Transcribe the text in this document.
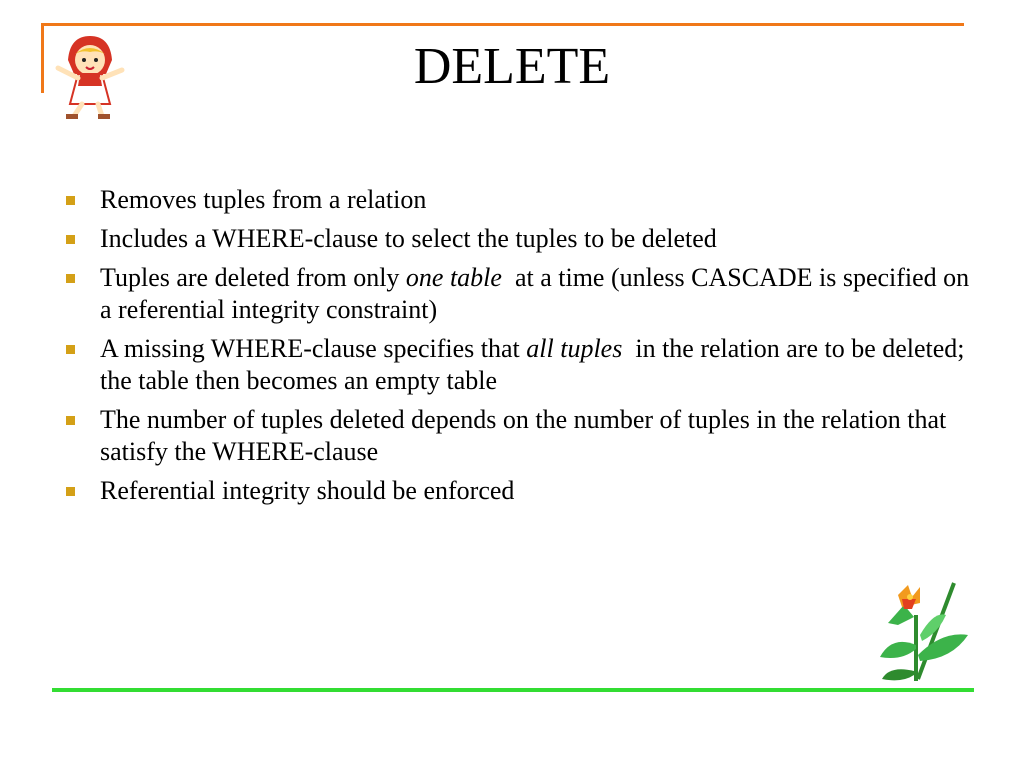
DELETE
Removes tuples from a relation
Includes a WHERE-clause to select the tuples to be deleted
Tuples are deleted from only one table  at a time (unless CASCADE is specified on a referential integrity constraint)
A missing WHERE-clause specifies that all tuples  in the relation are to be deleted; the table then becomes an empty table
The number of tuples deleted depends on the number of tuples in the relation that satisfy the WHERE-clause
Referential integrity should be enforced
